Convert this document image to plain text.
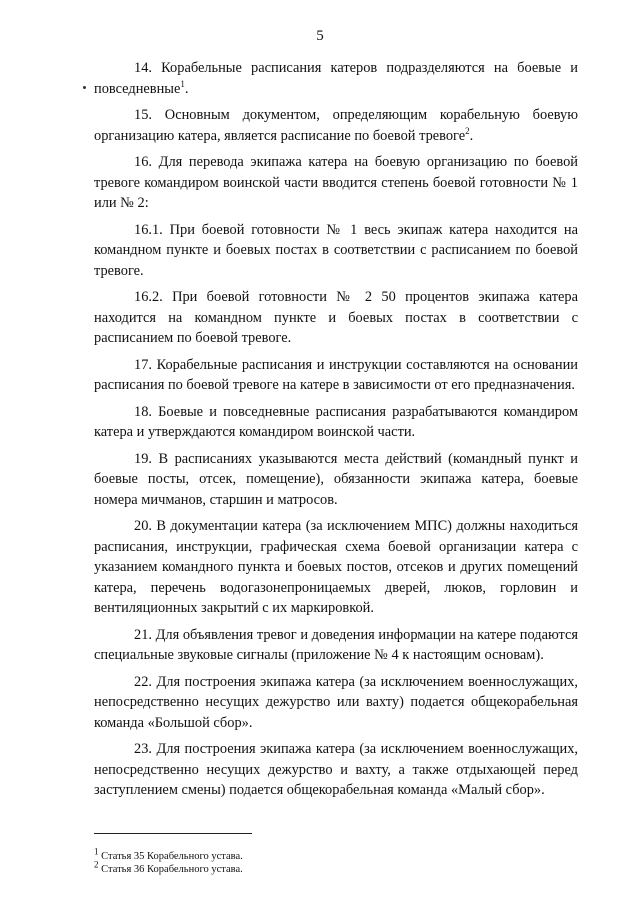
5

14. Корабельные расписания катеров подразделяются на боевые и повседневные$^1$.

15. Основным документом, определяющим корабельную боевую организацию катера, является расписание по боевой тревоге$^2$.

16. Для перевода экипажа катера на боевую организацию по боевой тревоге командиром воинской части вводится степень боевой готовности № 1 или № 2:

16.1. При боевой готовности № 1 весь экипаж катера находится на командном пункте и боевых постах в соответствии с расписанием по боевой тревоге.

16.2. При боевой готовности № 2 50 процентов экипажа катера находится на командном пункте и боевых постах в соответствии с расписанием по боевой тревоге.

17. Корабельные расписания и инструкции составляются на основании расписания по боевой тревоге на катере в зависимости от его предназначения.

18. Боевые и повседневные расписания разрабатываются командиром катера и утверждаются командиром воинской части.

19. В расписаниях указываются места действий (командный пункт и боевые посты, отсек, помещение), обязанности экипажа катера, боевые номера мичманов, старшин и матросов.

20. В документации катера (за исключением МПС) должны находиться расписания, инструкции, графическая схема боевой организации катера с указанием командного пункта и боевых постов, отсеков и других помещений катера, перечень водогазонепроницаемых дверей, люков, горловин и вентиляционных закрытий с их маркировкой.

21. Для объявления тревог и доведения информации на катере подаются специальные звуковые сигналы (приложение № 4 к настоящим основам).

22. Для построения экипажа катера (за исключением военнослужащих, непосредственно несущих дежурство или вахту) подается общекорабельная команда «Большой сбор».

23. Для построения экипажа катера (за исключением военнослужащих, непосредственно несущих дежурство и вахту, а также отдыхающей перед заступлением смены) подается общекорабельная команда «Малый сбор».

$^1$ Статья 35 Корабельного устава.

$^2$ Статья 36 Корабельного устава.
